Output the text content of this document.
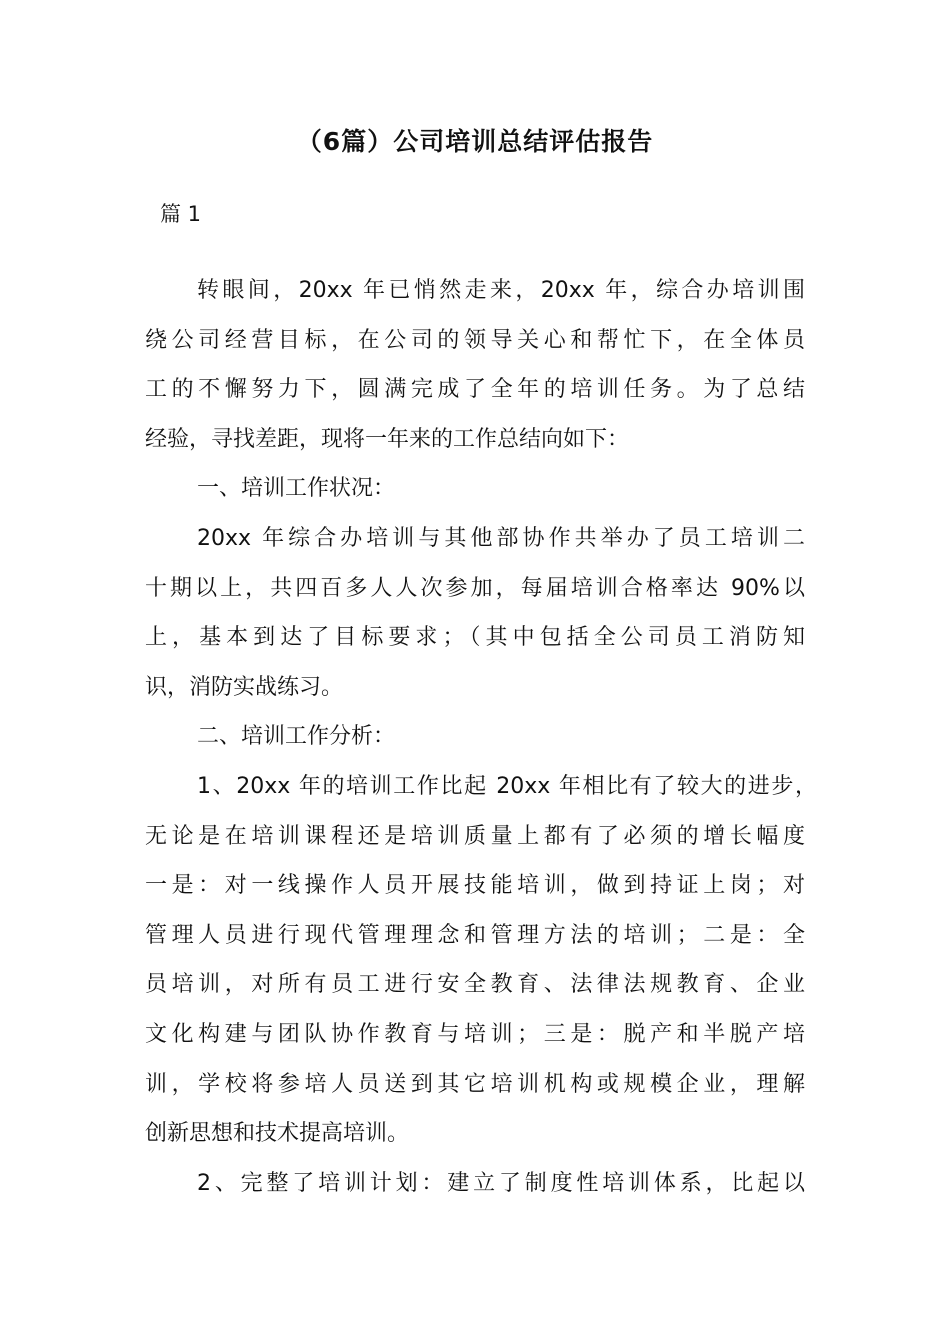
（6篇）公司培训总结评估报告
篇 1
转眼间，20xx 年已悄然走来，20xx 年，综合办培训围
绕公司经营目标，在公司的领导关心和帮忙下，在全体员
工的不懈努力下，圆满完成了全年的培训任务。为了总结
经验，寻找差距，现将一年来的工作总结向如下：
一、培训工作状况：
20xx 年综合办培训与其他部协作共举办了员工培训二
十期以上，共四百多人人次参加，每届培训合格率达 90%以
上，基本到达了目标要求；（其中包括全公司员工消防知
识，消防实战练习。
二、培训工作分析：
1、20xx 年的培训工作比起 20xx 年相比有了较大的进步，
无论是在培训课程还是培训质量上都有了必须的增长幅度
一是：对一线操作人员开展技能培训，做到持证上岗；对
管理人员进行现代管理理念和管理方法的培训；二是：全
员培训，对所有员工进行安全教育、法律法规教育、企业
文化构建与团队协作教育与培训；三是：脱产和半脱产培
训，学校将参培人员送到其它培训机构或规模企业，理解
创新思想和技术提高培训。
2、完整了培训计划：建立了制度性培训体系，比起以
